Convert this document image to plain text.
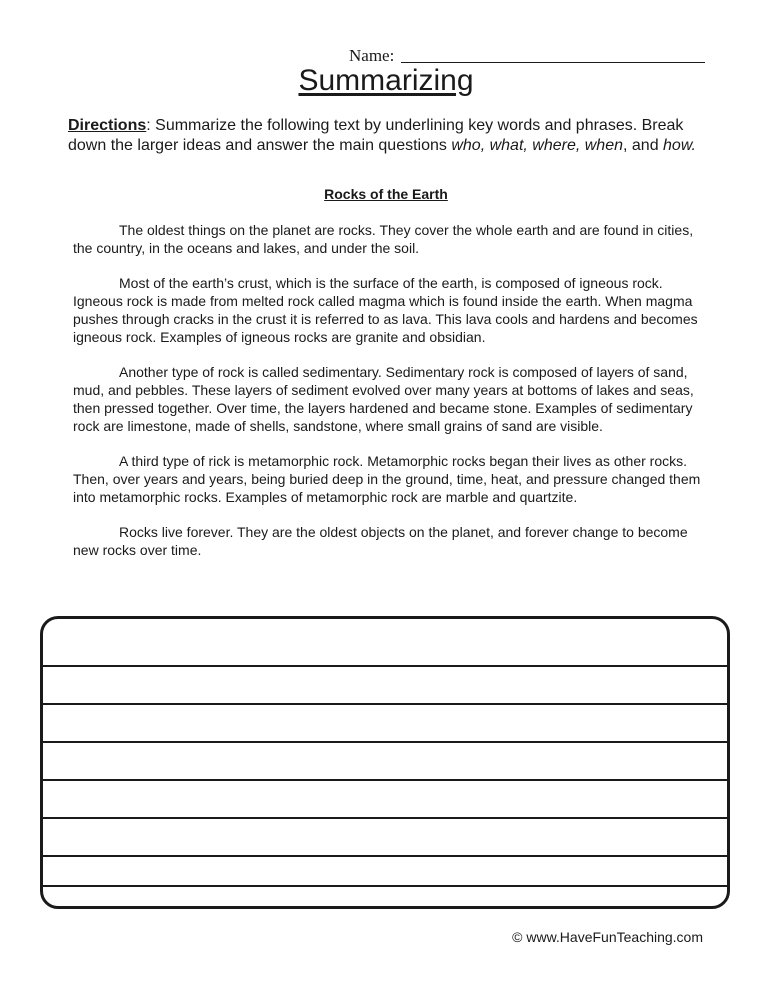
Name:
Summarizing
Directions: Summarize the following text by underlining key words and phrases. Break down the larger ideas and answer the main questions who, what, where, when, and how.
Rocks of the Earth

The oldest things on the planet are rocks. They cover the whole earth and are found in cities, the country, in the oceans and lakes, and under the soil.

Most of the earth’s crust, which is the surface of the earth, is composed of igneous rock. Igneous rock is made from melted rock called magma which is found inside the earth. When magma pushes through cracks in the crust it is referred to as lava. This lava cools and hardens and becomes igneous rock. Examples of igneous rocks are granite and obsidian.

Another type of rock is called sedimentary. Sedimentary rock is composed of layers of sand, mud, and pebbles. These layers of sediment evolved over many years at bottoms of lakes and seas, then pressed together. Over time, the layers hardened and became stone. Examples of sedimentary rock are limestone, made of shells, sandstone, where small grains of sand are visible.

A third type of rick is metamorphic rock. Metamorphic rocks began their lives as other rocks. Then, over years and years, being buried deep in the ground, time, heat, and pressure changed them into metamorphic rocks. Examples of metamorphic rock are marble and quartzite.

Rocks live forever. They are the oldest objects on the planet, and forever change to become new rocks over time.

© www.HaveFunTeaching.com
